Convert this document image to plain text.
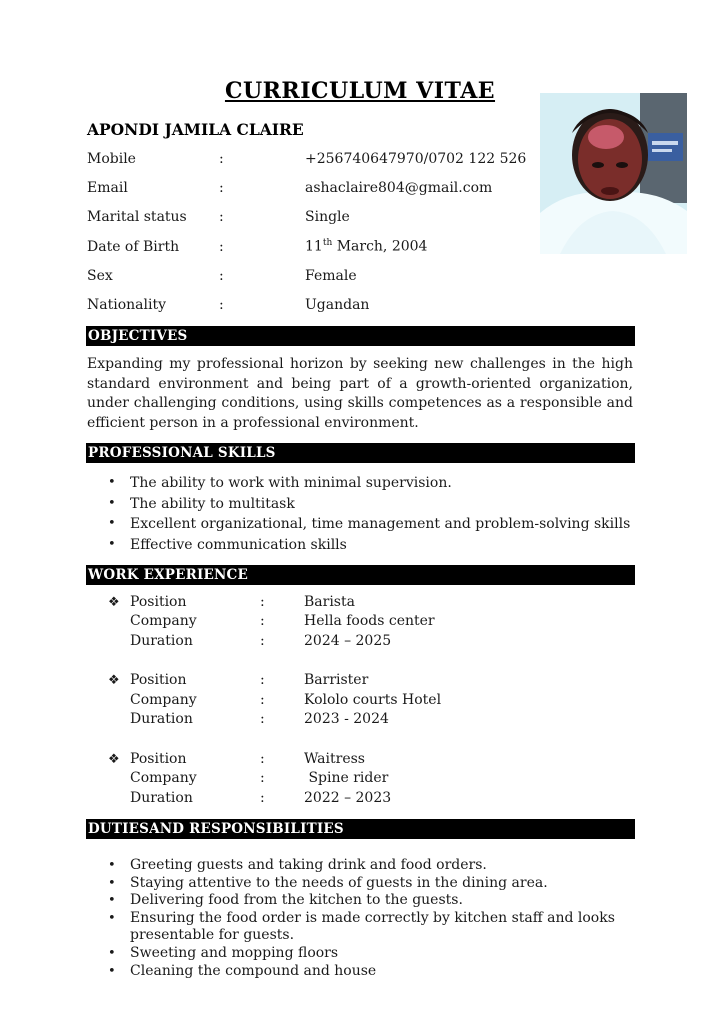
CURRICULUM VITAE
APONDI JAMILA CLAIRE
Mobile	:	+256740647970/0702 122 526
Email	:	ashaclaire804@gmail.com
Marital status	:	Single
Date of Birth	:	11th March, 2004
Sex	:	Female
Nationality	:	Ugandan
OBJECTIVES
Expanding my professional horizon by seeking new challenges in the high standard environment and being part of a growth-oriented organization, under challenging conditions, using skills competences as a responsible and efficient person in a professional environment.
PROFESSIONAL SKILLS
• The ability to work with minimal supervision.
• The ability to multitask
• Excellent organizational, time management and problem-solving skills
• Effective communication skills
WORK EXPERIENCE
❖ Position	:	Barista
Company	:	Hella foods center
Duration	:	2024 – 2025
❖ Position	:	Barrister
Company	:	Kololo courts Hotel
Duration	:	2023 - 2024
❖ Position	:	Waitress
Company	:	Spine rider
Duration	:	2022 – 2023
DUTIESAND RESPONSIBILITIES
• Greeting guests and taking drink and food orders.
• Staying attentive to the needs of guests in the dining area.
• Delivering food from the kitchen to the guests.
• Ensuring the food order is made correctly by kitchen staff and looks presentable for guests.
• Sweeting and mopping floors
• Cleaning the compound and house
